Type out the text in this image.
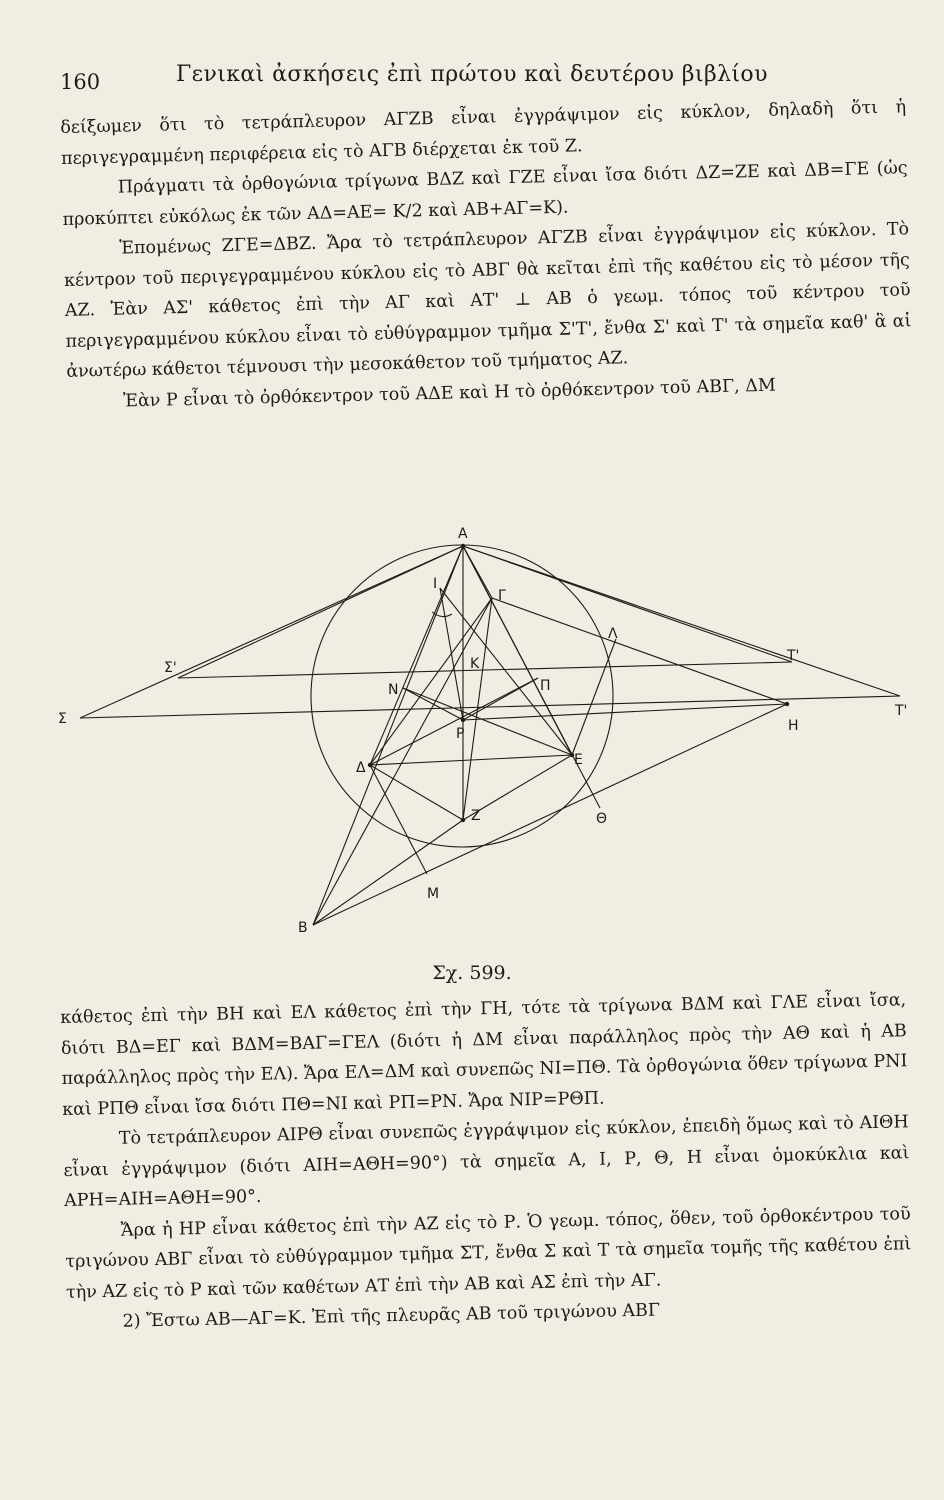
160	Γενικαὶ ἀσκήσεις ἐπὶ πρώτου καὶ δευτέρου βιβλίου

δείξωμεν ὅτι τὸ τετράπλευρον ΑΓΖΒ εἶναι ἐγγράψιμον εἰς κύκλον, δηλαδὴ ὅτι ἡ περιγεγραμμένη περιφέρεια εἰς τὸ ΑΓΒ διέρχεται ἐκ τοῦ Ζ.

Πράγματι τὰ ὀρθογώνια τρίγωνα ΒΔΖ καὶ ΓΖΕ εἶναι ἴσα διότι ΔΖ=ΖΕ καὶ ΔΒ=ΓΕ (ὡς προκύπτει εὐκόλως ἐκ τῶν ΑΔ=ΑΕ= K/2 καὶ ΑΒ+ΑΓ=Κ).

Ἑπομένως ΖΓΕ=ΔΒΖ. Ἄρα τὸ τετράπλευρον ΑΓΖΒ εἶναι ἐγγράψιμον εἰς κύκλον. Τὸ κέντρον τοῦ περιγεγραμμένου κύκλου εἰς τὸ ΑΒΓ θὰ κεῖται ἐπὶ τῆς καθέτου εἰς τὸ μέσον τῆς ΑΖ. Ἐὰν ΑΣ' κάθετος ἐπὶ τὴν ΑΓ καὶ ΑΤ' ⊥ ΑΒ ὁ γεωμ. τόπος τοῦ κέντρου τοῦ περιγεγραμμένου κύκλου εἶναι τὸ εὐθύγραμμον τμῆμα Σ'Τ', ἔνθα Σ' καὶ Τ' τὰ σημεῖα καθ' ἃ αἱ ἀνωτέρω κάθετοι τέμνουσι τὴν μεσοκάθετον τοῦ τμήματος ΑΖ.

Ἐὰν Ρ εἶναι τὸ ὀρθόκεντρον τοῦ ΑΔΕ καὶ Η τὸ ὀρθόκεντρον τοῦ ΑΒΓ, ΔΜ

Α
Ι
Γ
Λ
Σ'
Τ'
Κ
Ν	Π
Σ	Η
Τ'
Ρ
Δ	Ε
Ζ	Θ
Μ
Β
Σχ. 599.

κάθετος ἐπὶ τὴν ΒΗ καὶ ΕΛ κάθετος ἐπὶ τὴν ΓΗ, τότε τὰ τρίγωνα ΒΔΜ καὶ ΓΛΕ εἶναι ἴσα, διότι ΒΔ=ΕΓ καὶ ΒΔΜ=ΒΑΓ=ΓΕΛ (διότι ἡ ΔΜ εἶναι παράλληλος πρὸς τὴν ΑΘ καὶ ἡ ΑΒ παράλληλος πρὸς τὴν ΕΛ). Ἄρα ΕΛ=ΔΜ καὶ συνεπῶς ΝΙ=ΠΘ. Τὰ ὀρθογώνια ὅθεν τρίγωνα ΡΝΙ καὶ ΡΠΘ εἶναι ἴσα διότι ΠΘ=ΝΙ καὶ ΡΠ=ΡΝ. Ἄρα ΝΙΡ=ΡΘΠ.

Τὸ τετράπλευρον ΑΙΡΘ εἶναι συνεπῶς ἐγγράψιμον εἰς κύκλον, ἐπειδὴ ὅμως καὶ τὸ ΑΙΘΗ εἶναι ἐγγράψιμον (διότι ΑΙΗ=ΑΘΗ=90°) τὰ σημεῖα Α, Ι, Ρ, Θ, Η εἶναι ὁμοκύκλια καὶ ΑΡΗ=ΑΙΗ=ΑΘΗ=90°.

Ἄρα ἡ ΗΡ εἶναι κάθετος ἐπὶ τὴν ΑΖ εἰς τὸ Ρ. Ὁ γεωμ. τόπος, ὅθεν, τοῦ ὀρθοκέντρου τοῦ τριγώνου ΑΒΓ εἶναι τὸ εὐθύγραμμον τμῆμα ΣΤ, ἔνθα Σ καὶ Τ τὰ σημεῖα τομῆς τῆς καθέτου ἐπὶ τὴν ΑΖ εἰς τὸ Ρ καὶ τῶν καθέτων ΑΤ ἐπὶ τὴν ΑΒ καὶ ΑΣ ἐπὶ τὴν ΑΓ.

2) Ἔστω ΑΒ—ΑΓ=Κ. Ἐπὶ τῆς πλευρᾶς ΑΒ τοῦ τριγώνου ΑΒΓ
